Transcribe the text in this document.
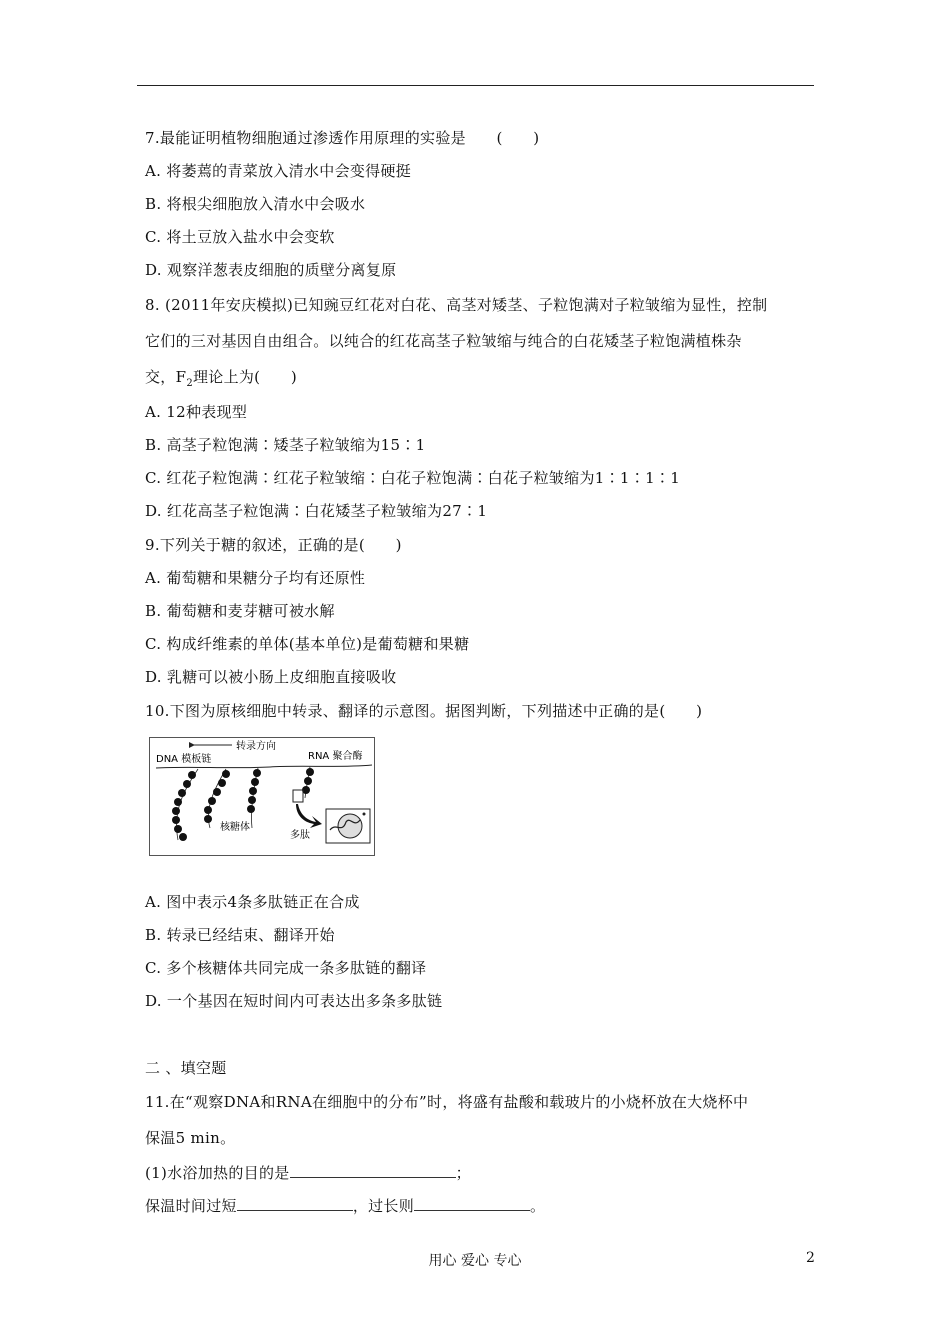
7.最能证明植物细胞通过渗透作用原理的实验是　　(　　)
A. 将萎蔫的青菜放入清水中会变得硬挺
B. 将根尖细胞放入清水中会吸水
C. 将土豆放入盐水中会变软
D. 观察洋葱表皮细胞的质壁分离复原
8. (2011年安庆模拟)已知豌豆红花对白花、高茎对矮茎、子粒饱满对子粒皱缩为显性，控制
它们的三对基因自由组合。以纯合的红花高茎子粒皱缩与纯合的白花矮茎子粒饱满植株杂
交，$F_2$理论上为(　　)
A. 12种表现型
B. 高茎子粒饱满∶矮茎子粒皱缩为15∶1
C. 红花子粒饱满∶红花子粒皱缩∶白花子粒饱满∶白花子粒皱缩为1∶1∶1∶1
D. 红花高茎子粒饱满∶白花矮茎子粒皱缩为27∶1
9.下列关于糖的叙述，正确的是(　　)
A. 葡萄糖和果糖分子均有还原性
B. 葡萄糖和麦芽糖可被水解
C. 构成纤维素的单体(基本单位)是葡萄糖和果糖
D. 乳糖可以被小肠上皮细胞直接吸收
10.下图为原核细胞中转录、翻译的示意图。据图判断，下列描述中正确的是(　　)
转录方向
RNA 聚合酶
DNA 模板链
核糖体
多肽
A. 图中表示4条多肽链正在合成
B. 转录已经结束、翻译开始
C. 多个核糖体共同完成一条多肽链的翻译
D. 一个基因在短时间内可表达出多条多肽链
二 、填空题
11.在“观察DNA和RNA在细胞中的分布”时，将盛有盐酸和载玻片的小烧杯放在大烧杯中
保温5 min。
(1)水浴加热的目的是	；
保温时间过短	，过长则	。
用心 爱心 专心	2
